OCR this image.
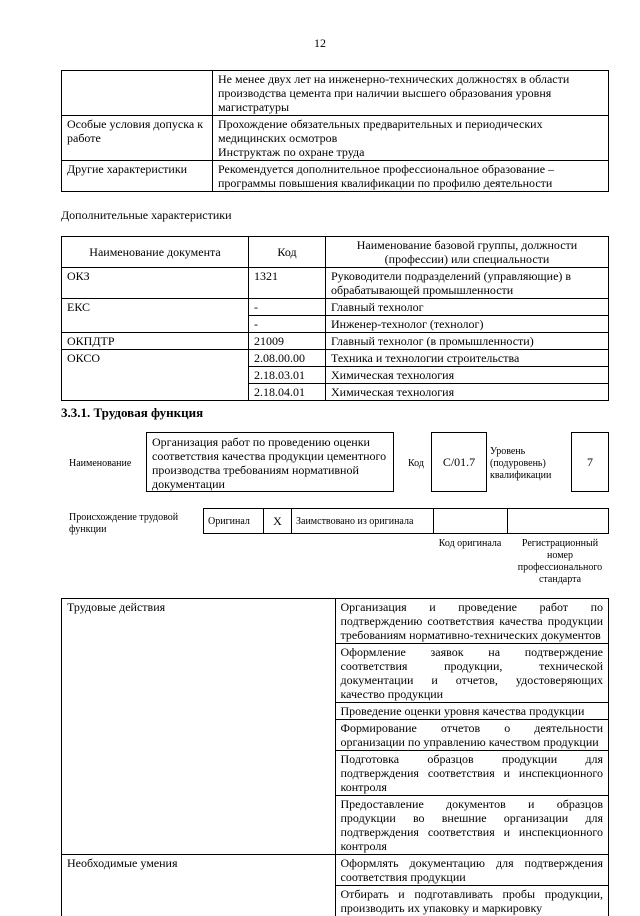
12

	Не менее двух лет на инженерно-технических должностях в области
производства цемента при наличии высшего образования уровня
магистратуры

Особые условия допуска к работе	Прохождение обязательных предварительных и периодических
медицинских осмотров
Инструктаж по охране труда

Другие характеристики	Рекомендуется дополнительное профессиональное образование –
программы повышения квалификации по профилю деятельности
Дополнительные характеристики
Наименование документа	Код	Наименование базовой группы, должности (профессии) или специальности
ОКЗ	1321	Руководители подразделений (управляющие) в обрабатывающей промышленности
ЕКС	-	Главный технолог
	-	Инженер-технолог (технолог)
ОКПДТР	21009	Главный технолог (в промышленности)
ОКСО	2.08.00.00	Техника и технологии строительства
	2.18.03.01	Химическая технология
	2.18.04.01	Химическая технология
3.3.1. Трудовая функция
Наименование
Организация работ по проведению оценки соответствия качества продукции цементного производства требованиям нормативной документации
Код	С/01.7
Уровень (подуровень) квалификации
7
Происхождение трудовой функции
Оригинал	Х	Заимствовано из оригинала
Код оригинала	Регистрационный номер профессионального стандарта
Трудовые действия	Организация и проведение работ по подтверждению соответствия качества продукции требованиям нормативно-технических документов
	Оформление заявок на подтверждение соответствия продукции, технической документации и отчетов, удостоверяющих качество продукции
	Проведение оценки уровня качества продукции
	Формирование отчетов о деятельности организации по управлению качеством продукции
	Подготовка образцов продукции для подтверждения соответствия и инспекционного контроля
	Предоставление документов и образцов продукции во внешние организации для подтверждения соответствия и инспекционного контроля
Необходимые умения	Оформлять документацию для подтверждения соответствия продукции
	Отбирать и подготавливать пробы продукции, производить их упаковку и маркировку
